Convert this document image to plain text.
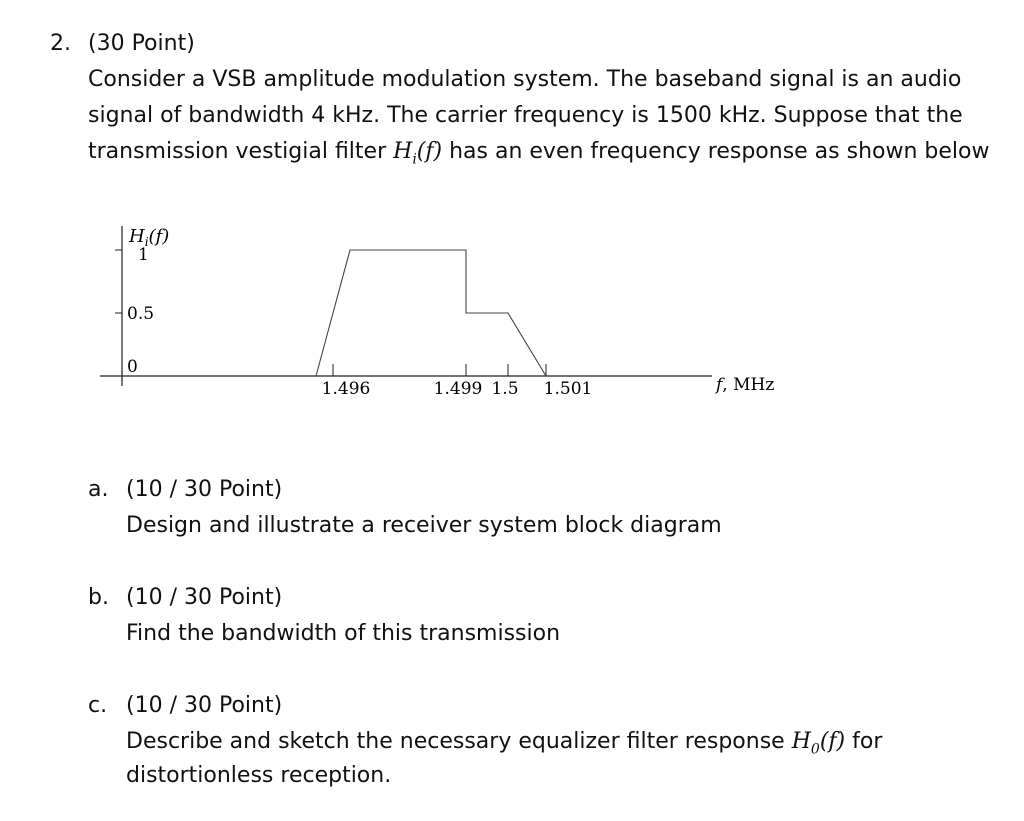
2. (30 Point)
Consider a VSB amplitude modulation system. The baseband signal is an audio
signal of bandwidth 4 kHz. The carrier frequency is 1500 kHz. Suppose that the
transmission vestigial filter $H_i(f)$ has an even frequency response as shown below
$H_i(f)$
f, MHz
1
0.5
0
1.496	1.499 1.5 1.501
a. (10 / 30 Point)
Design and illustrate a receiver system block diagram
b. (10 / 30 Point)
Find the bandwidth of this transmission
c. (10 / 30 Point)
Describe and sketch the necessary equalizer filter response $H_0(f)$ for
distortionless reception.
